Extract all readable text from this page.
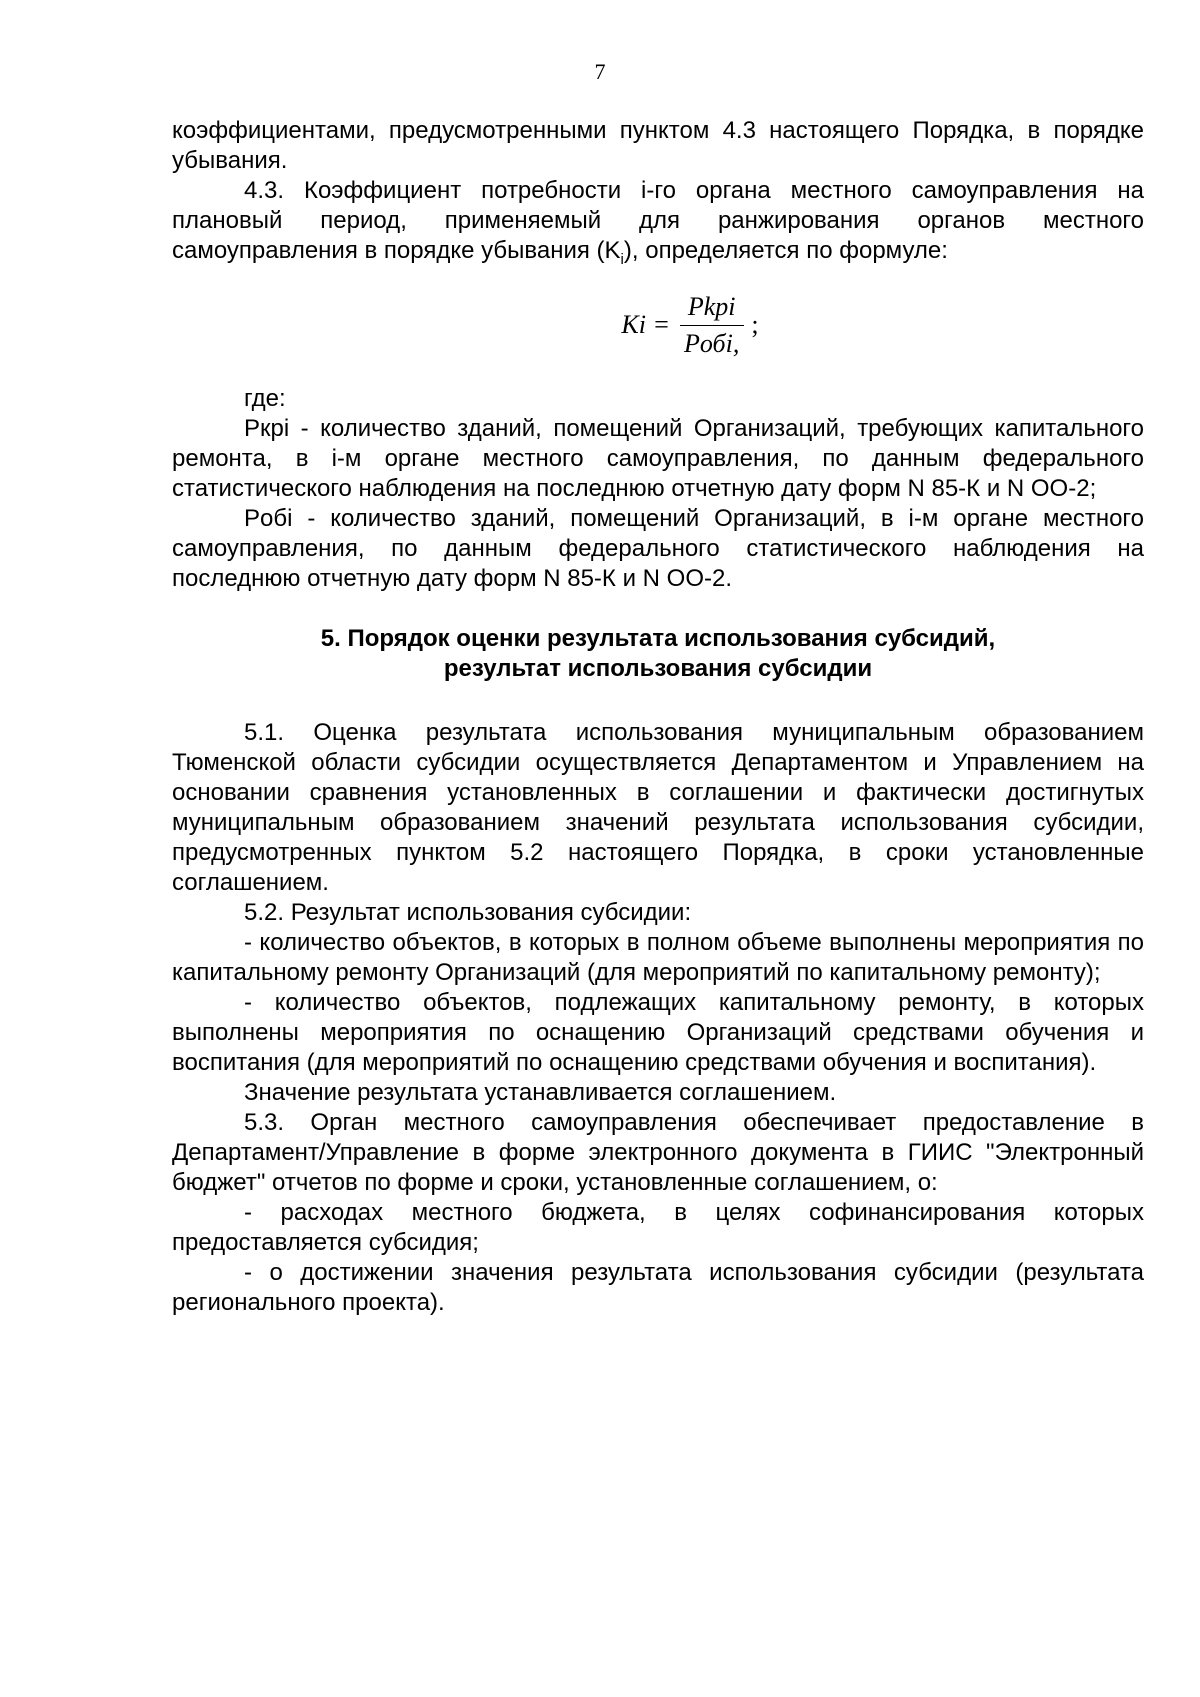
7

коэффициентами, предусмотренными пунктом 4.3 настоящего Порядка, в порядке убывания.

4.3. Коэффициент потребности i-го органа местного самоуправления на плановый период, применяемый для ранжирования органов местного самоуправления в порядке убывания $(K_i)$, определяется по формуле:

$Ki = \frac{\text{Pkpi}}{\text{Pобi,}}$ ;

где:

Pкpi - количество зданий, помещений Организаций, требующих капитального ремонта, в i-м органе местного самоуправления, по данным федерального статистического наблюдения на последнюю отчетную дату форм N 85-К и N ОО-2;

Pобi - количество зданий, помещений Организаций, в i-м органе местного самоуправления, по данным федерального статистического наблюдения на последнюю отчетную дату форм N 85-К и N ОО-2.

5. Порядок оценки результата использования субсидий,
результат использования субсидии

5.1. Оценка результата использования муниципальным образованием Тюменской области субсидии осуществляется Департаментом и Управлением на основании сравнения установленных в соглашении и фактически достигнутых муниципальным образованием значений результата использования субсидии, предусмотренных пунктом 5.2 настоящего Порядка, в сроки установленные соглашением.

5.2. Результат использования субсидии:

- количество объектов, в которых в полном объеме выполнены мероприятия по капитальному ремонту Организаций (для мероприятий по капитальному ремонту);

- количество объектов, подлежащих капитальному ремонту, в которых выполнены мероприятия по оснащению Организаций средствами обучения и воспитания (для мероприятий по оснащению средствами обучения и воспитания).

Значение результата устанавливается соглашением.

5.3. Орган местного самоуправления обеспечивает предоставление в Департамент/Управление в форме электронного документа в ГИИС "Электронный бюджет" отчетов по форме и сроки, установленные соглашением, о:

- расходах местного бюджета, в целях софинансирования которых предоставляется субсидия;

- о достижении значения результата использования субсидии (результата регионального проекта).
